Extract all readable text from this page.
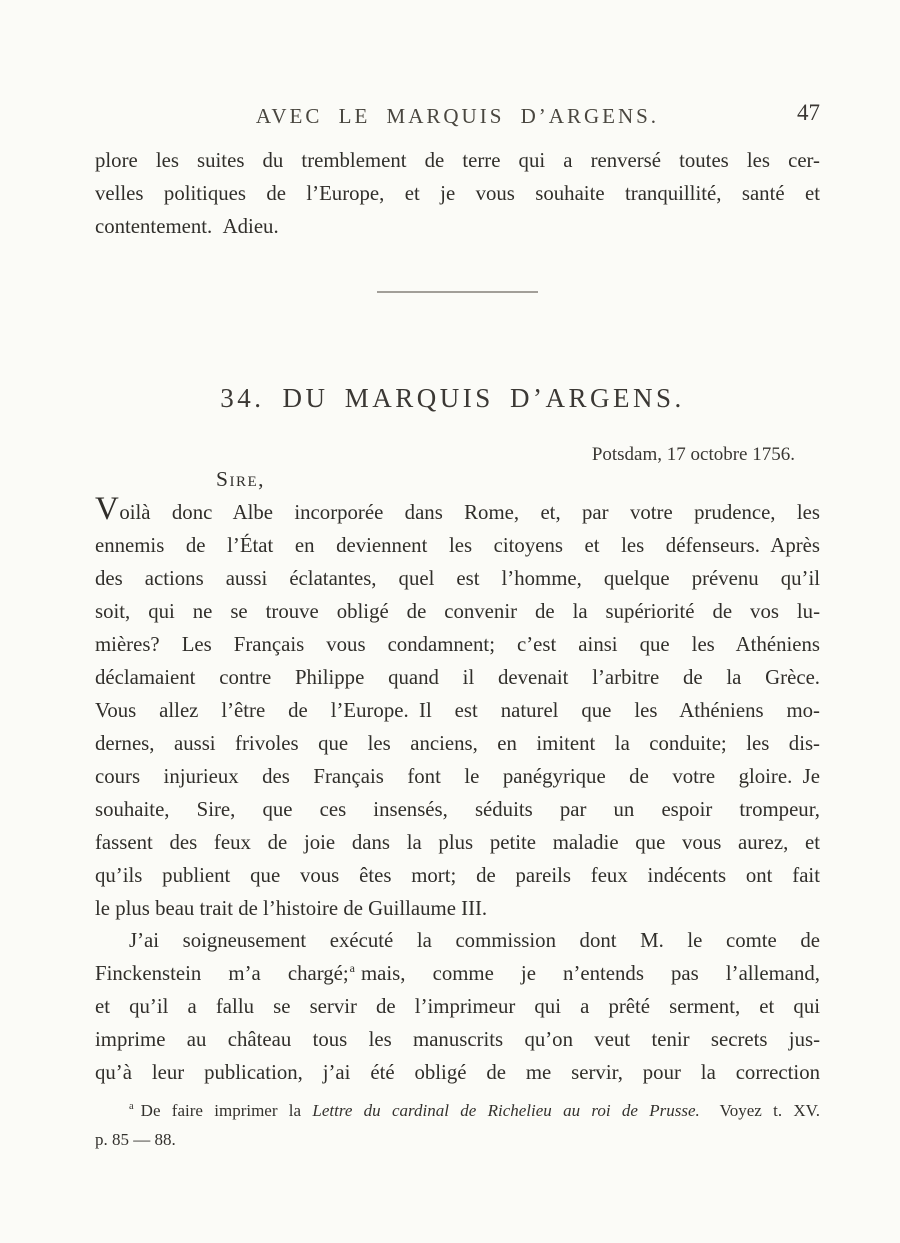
AVEC LE MARQUIS D’ARGENS.	47
plore les suites du tremblement de terre qui a renversé toutes les cer-
velles politiques de l’Europe, et je vous souhaite tranquillité, santé et
contentement. Adieu.
34. DU MARQUIS D’ARGENS.
Potsdam, 17 octobre 1756.
Sire,
Voilà donc Albe incorporée dans Rome, et, par votre prudence, les
ennemis de l’État en deviennent les citoyens et les défenseurs. Après
des actions aussi éclatantes, quel est l’homme, quelque prévenu qu’il
soit, qui ne se trouve obligé de convenir de la supériorité de vos lu-
mières? Les Français vous condamnent; c’est ainsi que les Athéniens
déclamaient contre Philippe quand il devenait l’arbitre de la Grèce.
Vous allez l’être de l’Europe. Il est naturel que les Athéniens mo-
dernes, aussi frivoles que les anciens, en imitent la conduite; les dis-
cours injurieux des Français font le panégyrique de votre gloire. Je
souhaite, Sire, que ces insensés, séduits par un espoir trompeur,
fassent des feux de joie dans la plus petite maladie que vous aurez, et
qu’ils publient que vous êtes mort; de pareils feux indécents ont fait
le plus beau trait de l’histoire de Guillaume III.
J’ai soigneusement exécuté la commission dont M. le comte de
Finckenstein m’a chargé;$^a$ mais, comme je n’entends pas l’allemand,
et qu’il a fallu se servir de l’imprimeur qui a prêté serment, et qui
imprime au château tous les manuscrits qu’on veut tenir secrets jus-
qu’à leur publication, j’ai été obligé de me servir, pour la correction
$^a$ De faire imprimer la Lettre du cardinal de Richelieu au roi de Prusse.  Voyez t. XV.
p. 85 — 88.
